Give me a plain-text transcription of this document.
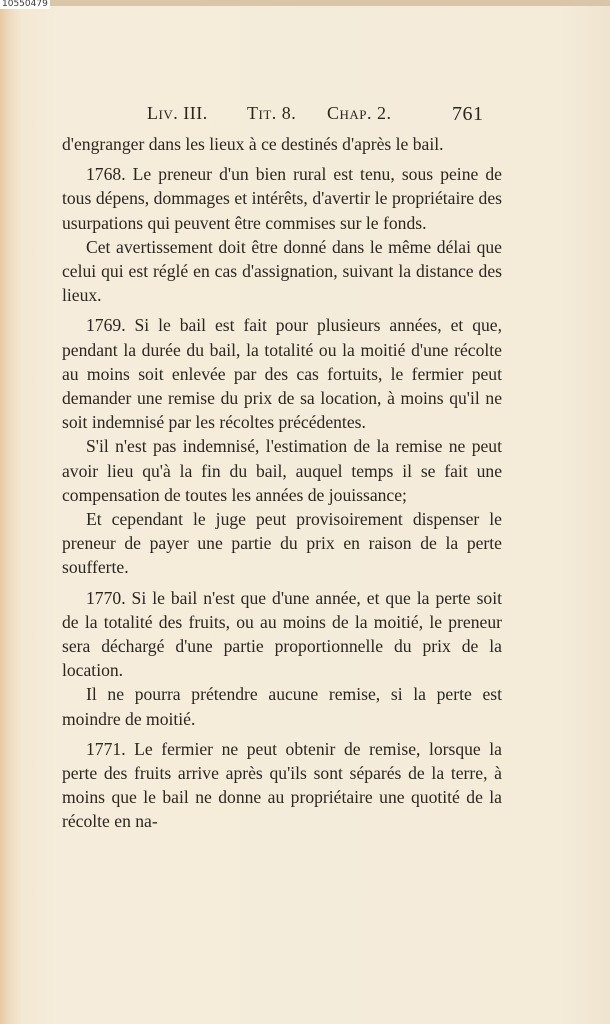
10550479
Liv. III. Tit. 8. Chap. 2.	761

d'engranger dans les lieux à ce destinés d'après le bail.

1768. Le preneur d'un bien rural est tenu, sous peine de tous dépens, dommages et intérêts, d'avertir le propriétaire des usurpations qui peuvent être commises sur le fonds.

Cet avertissement doit être donné dans le même délai que celui qui est réglé en cas d'assignation, suivant la distance des lieux.

1769. Si le bail est fait pour plusieurs années, et que, pendant la durée du bail, la totalité ou la moitié d'une récolte au moins soit enlevée par des cas fortuits, le fermier peut demander une remise du prix de sa location, à moins qu'il ne soit indemnisé par les récoltes précédentes.

S'il n'est pas indemnisé, l'estimation de la remise ne peut avoir lieu qu'à la fin du bail, auquel temps il se fait une compensation de toutes les années de jouissance;

Et cependant le juge peut provisoirement dispenser le preneur de payer une partie du prix en raison de la perte soufferte.

1770. Si le bail n'est que d'une année, et que la perte soit de la totalité des fruits, ou au moins de la moitié, le preneur sera déchargé d'une partie proportionnelle du prix de la location.

Il ne pourra prétendre aucune remise, si la perte est moindre de moitié.

1771. Le fermier ne peut obtenir de remise, lorsque la perte des fruits arrive après qu'ils sont séparés de la terre, à moins que le bail ne donne au propriétaire une quotité de la récolte en na-
